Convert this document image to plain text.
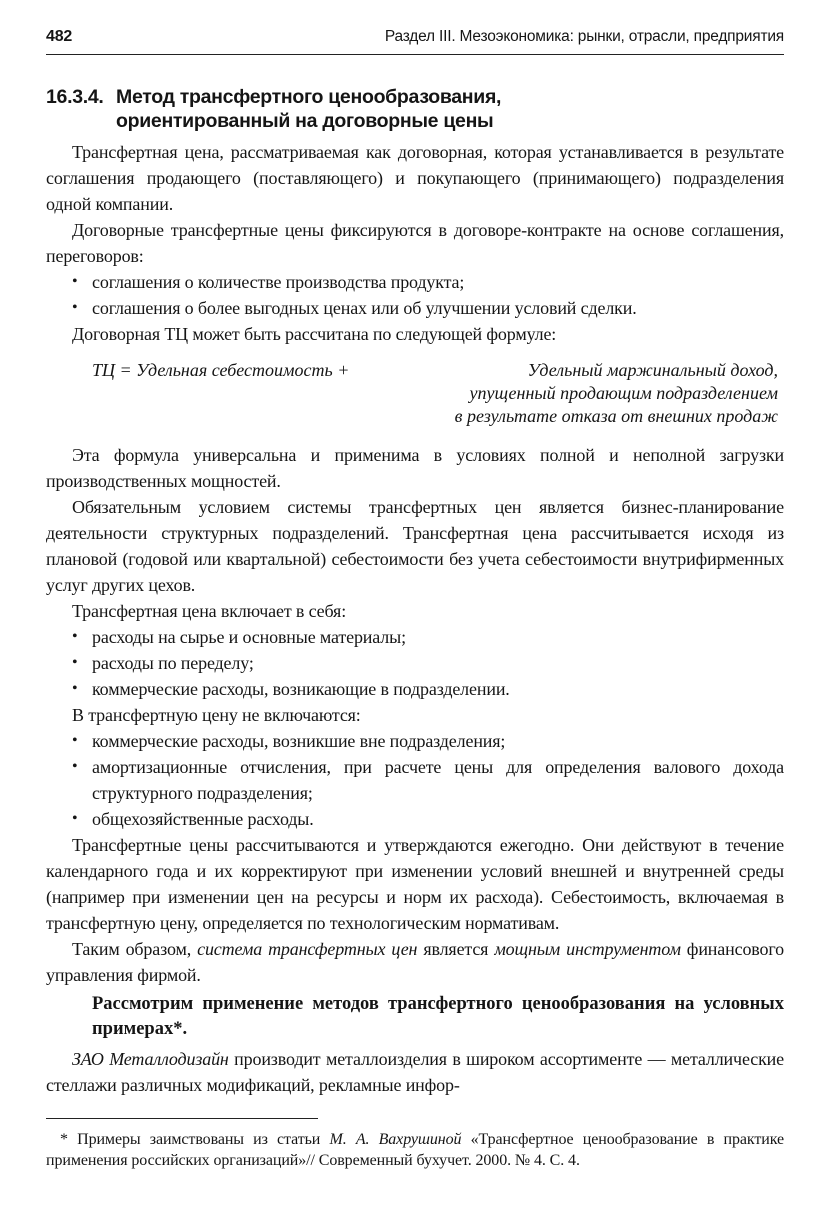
482	Раздел III. Мезоэкономика: рынки, отрасли, предприятия
16.3.4. Метод трансфертного ценообразования,
ориентированный на договорные цены

Трансфертная цена, рассматриваемая как договорная, которая устанавливается в результате соглашения продающего (поставляющего) и покупающего (принимающего) подразделения одной компании.

Договорные трансфертные цены фиксируются в договоре-контракте на основе соглашения, переговоров:

• соглашения о количестве производства продукта;
• соглашения о более выгодных ценах или об улучшении условий сделки.

Договорная ТЦ может быть рассчитана по следующей формуле:

ТЦ = Удельная себестоимость +	Удельный маржинальный доход,
упущенный продающим подразделением
в результате отказа от внешних продаж

Эта формула универсальна и применима в условиях полной и неполной загрузки производственных мощностей.

Обязательным условием системы трансфертных цен является бизнес-планирование деятельности структурных подразделений. Трансфертная цена рассчитывается исходя из плановой (годовой или квартальной) себестоимости без учета себестоимости внутрифирменных услуг других цехов.

Трансфертная цена включает в себя:

• расходы на сырье и основные материалы;
• расходы по переделу;
• коммерческие расходы, возникающие в подразделении.

В трансфертную цену не включаются:

• коммерческие расходы, возникшие вне подразделения;
• амортизационные отчисления, при расчете цены для определения валового дохода структурного подразделения;
• общехозяйственные расходы.

Трансфертные цены рассчитываются и утверждаются ежегодно. Они действуют в течение календарного года и их корректируют при изменении условий внешней и внутренней среды (например при изменении цен на ресурсы и норм их расхода). Себестоимость, включаемая в трансфертную цену, определяется по технологическим нормативам.

Таким образом, система трансфертных цен является мощным инструментом финансового управления фирмой.

Рассмотрим применение методов трансфертного ценообразования на условных примерах*.

ЗАО Металлодизайн производит металлоизделия в широком ассортименте — металлические стеллажи различных модификаций, рекламные инфор-

* Примеры заимствованы из статьи М. А. Вахрушиной «Трансфертное ценообразование в практике применения российских организаций»// Современный бухучет. 2000. № 4. С. 4.
